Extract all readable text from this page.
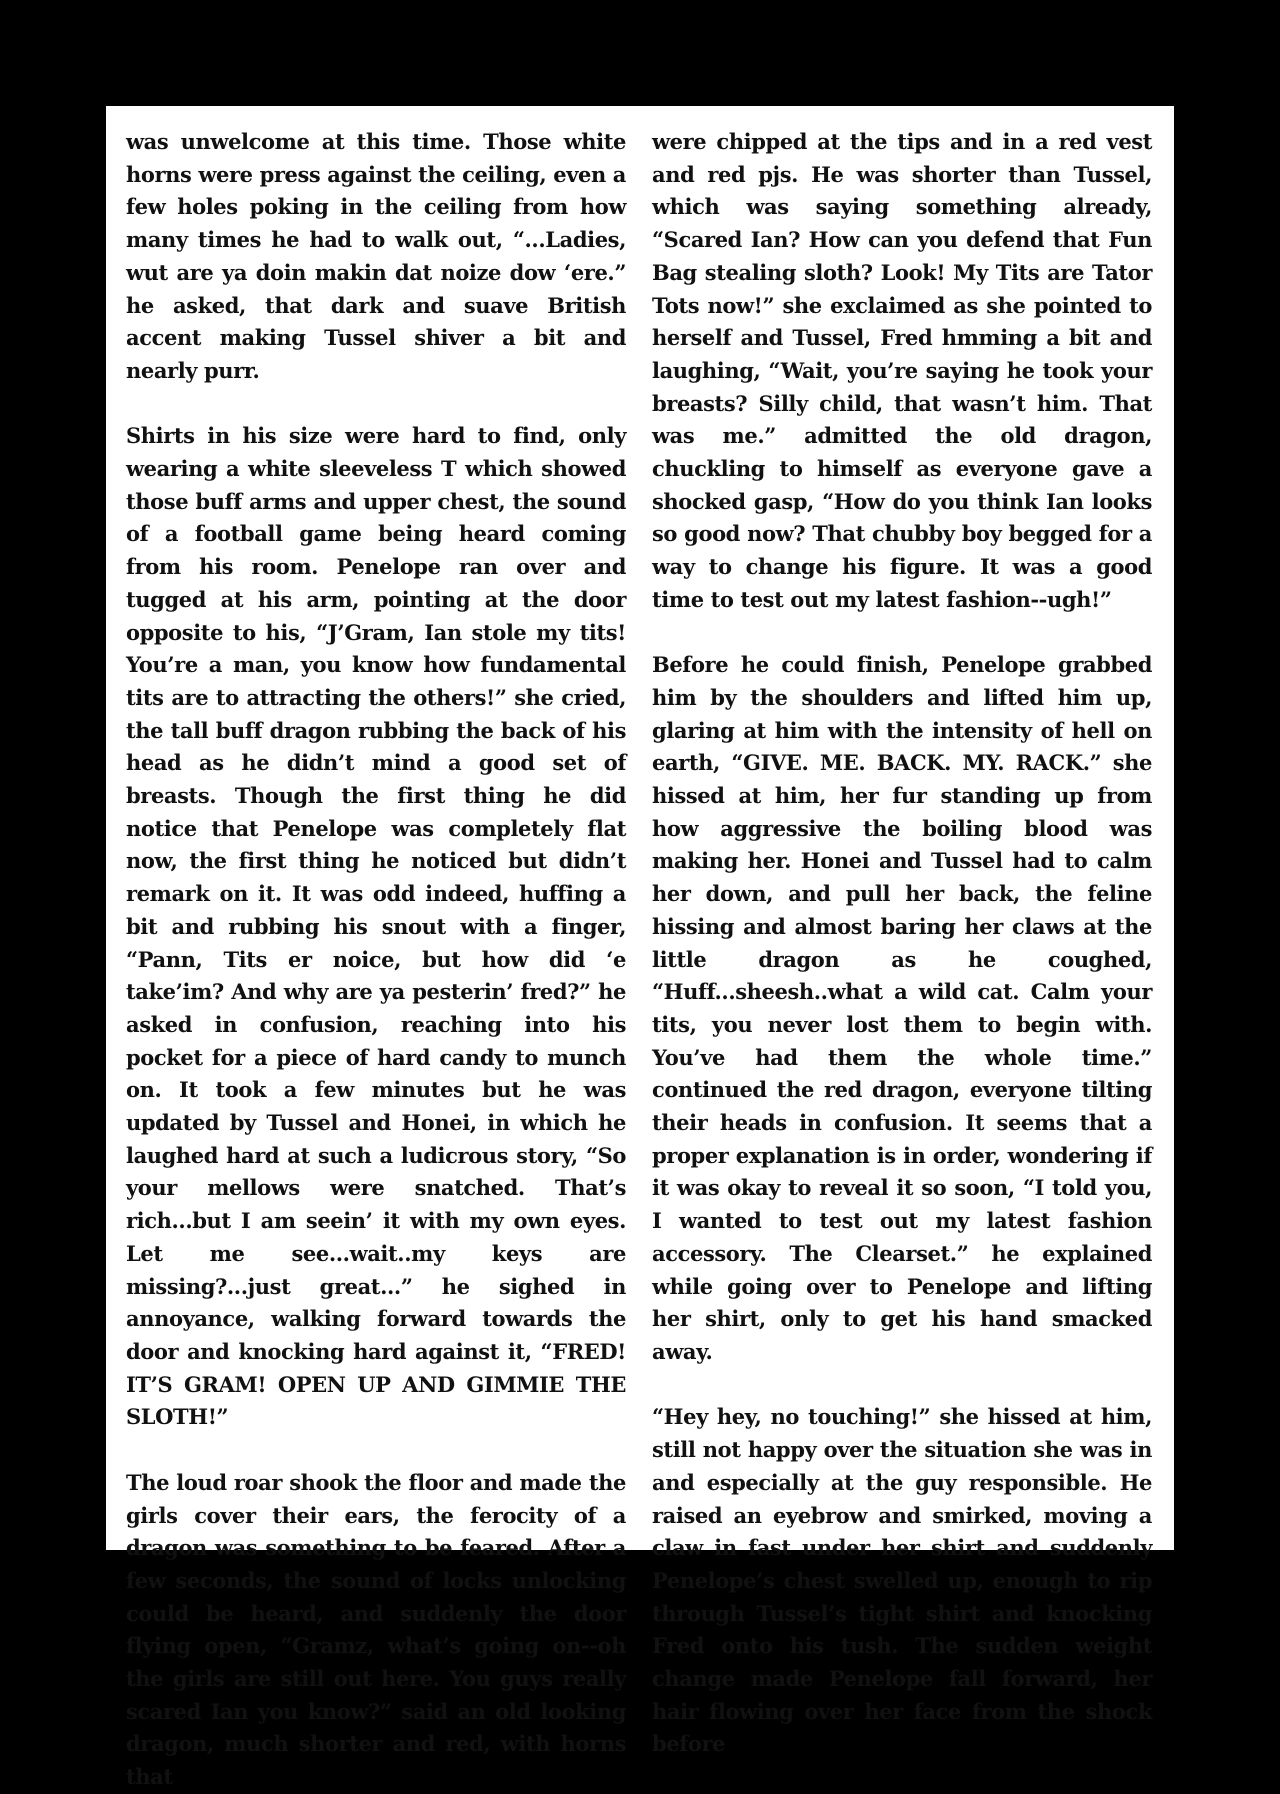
was unwelcome at this time. Those white horns were press against the ceiling, even a few holes poking in the ceiling from how many times he had to walk out, “...Ladies, wut are ya doin makin dat noize dow ‘ere.” he asked, that dark and suave British accent making Tussel shiver a bit and nearly purr.

Shirts in his size were hard to find, only wearing a white sleeveless T which showed those buff arms and upper chest, the sound of a football game being heard coming from his room. Penelope ran over and tugged at his arm, pointing at the door opposite to his, “J’Gram, Ian stole my tits! You’re a man, you know how fundamental tits are to attracting the others!” she cried, the tall buff dragon rubbing the back of his head as he didn’t mind a good set of breasts. Though the first thing he did notice that Penelope was completely flat now, the first thing he noticed but didn’t remark on it. It was odd indeed, huffing a bit and rubbing his snout with a finger, “Pann, Tits er noice, but how did ‘e take’im? And why are ya pesterin’ fred?” he asked in confusion, reaching into his pocket for a piece of hard candy to munch on. It took a few minutes but he was updated by Tussel and Honei, in which he laughed hard at such a ludicrous story, “So your mellows were snatched. That’s rich...but I am seein’ it with my own eyes. Let me see...wait..my keys are missing?...just great...” he sighed in annoyance, walking forward towards the door and knocking hard against it, “FRED! IT’S GRAM! OPEN UP AND GIMMIE THE SLOTH!”

The loud roar shook the floor and made the girls cover their ears, the ferocity of a dragon was something to be feared. After a few seconds, the sound of locks unlocking could be heard, and suddenly the door flying open, “Gramz, what’s going on--oh the girls are still out here. You guys really scared Ian you know?” said an old looking dragon, much shorter and red, with horns that

were chipped at the tips and in a red vest and red pjs. He was shorter than Tussel, which was saying something already, “Scared Ian? How can you defend that Fun Bag stealing sloth? Look! My Tits are Tator Tots now!” she exclaimed as she pointed to herself and Tussel, Fred hmming a bit and laughing, “Wait, you’re saying he took your breasts? Silly child, that wasn’t him. That was me.” admitted the old dragon, chuckling to himself as everyone gave a shocked gasp, “How do you think Ian looks so good now? That chubby boy begged for a way to change his figure. It was a good time to test out my latest fashion--ugh!”

Before he could finish, Penelope grabbed him by the shoulders and lifted him up, glaring at him with the intensity of hell on earth, “GIVE. ME. BACK. MY. RACK.” she hissed at him, her fur standing up from how aggressive the boiling blood was making her. Honei and Tussel had to calm her down, and pull her back, the feline hissing and almost baring her claws at the little dragon as he coughed, “Huff...sheesh..what a wild cat. Calm your tits, you never lost them to begin with. You’ve had them the whole time.” continued the red dragon, everyone tilting their heads in confusion. It seems that a proper explanation is in order, wondering if it was okay to reveal it so soon, “I told you, I wanted to test out my latest fashion accessory. The Clearset.” he explained while going over to Penelope and lifting her shirt, only to get his hand smacked away.

“Hey hey, no touching!” she hissed at him, still not happy over the situation she was in and especially at the guy responsible. He raised an eyebrow and smirked, moving a claw in fast under her shirt and suddenly Penelope’s chest swelled up, enough to rip through Tussel’s tight shirt and knocking Fred onto his tush. The sudden weight change made Penelope fall forward, her hair flowing over her face from the shock before
